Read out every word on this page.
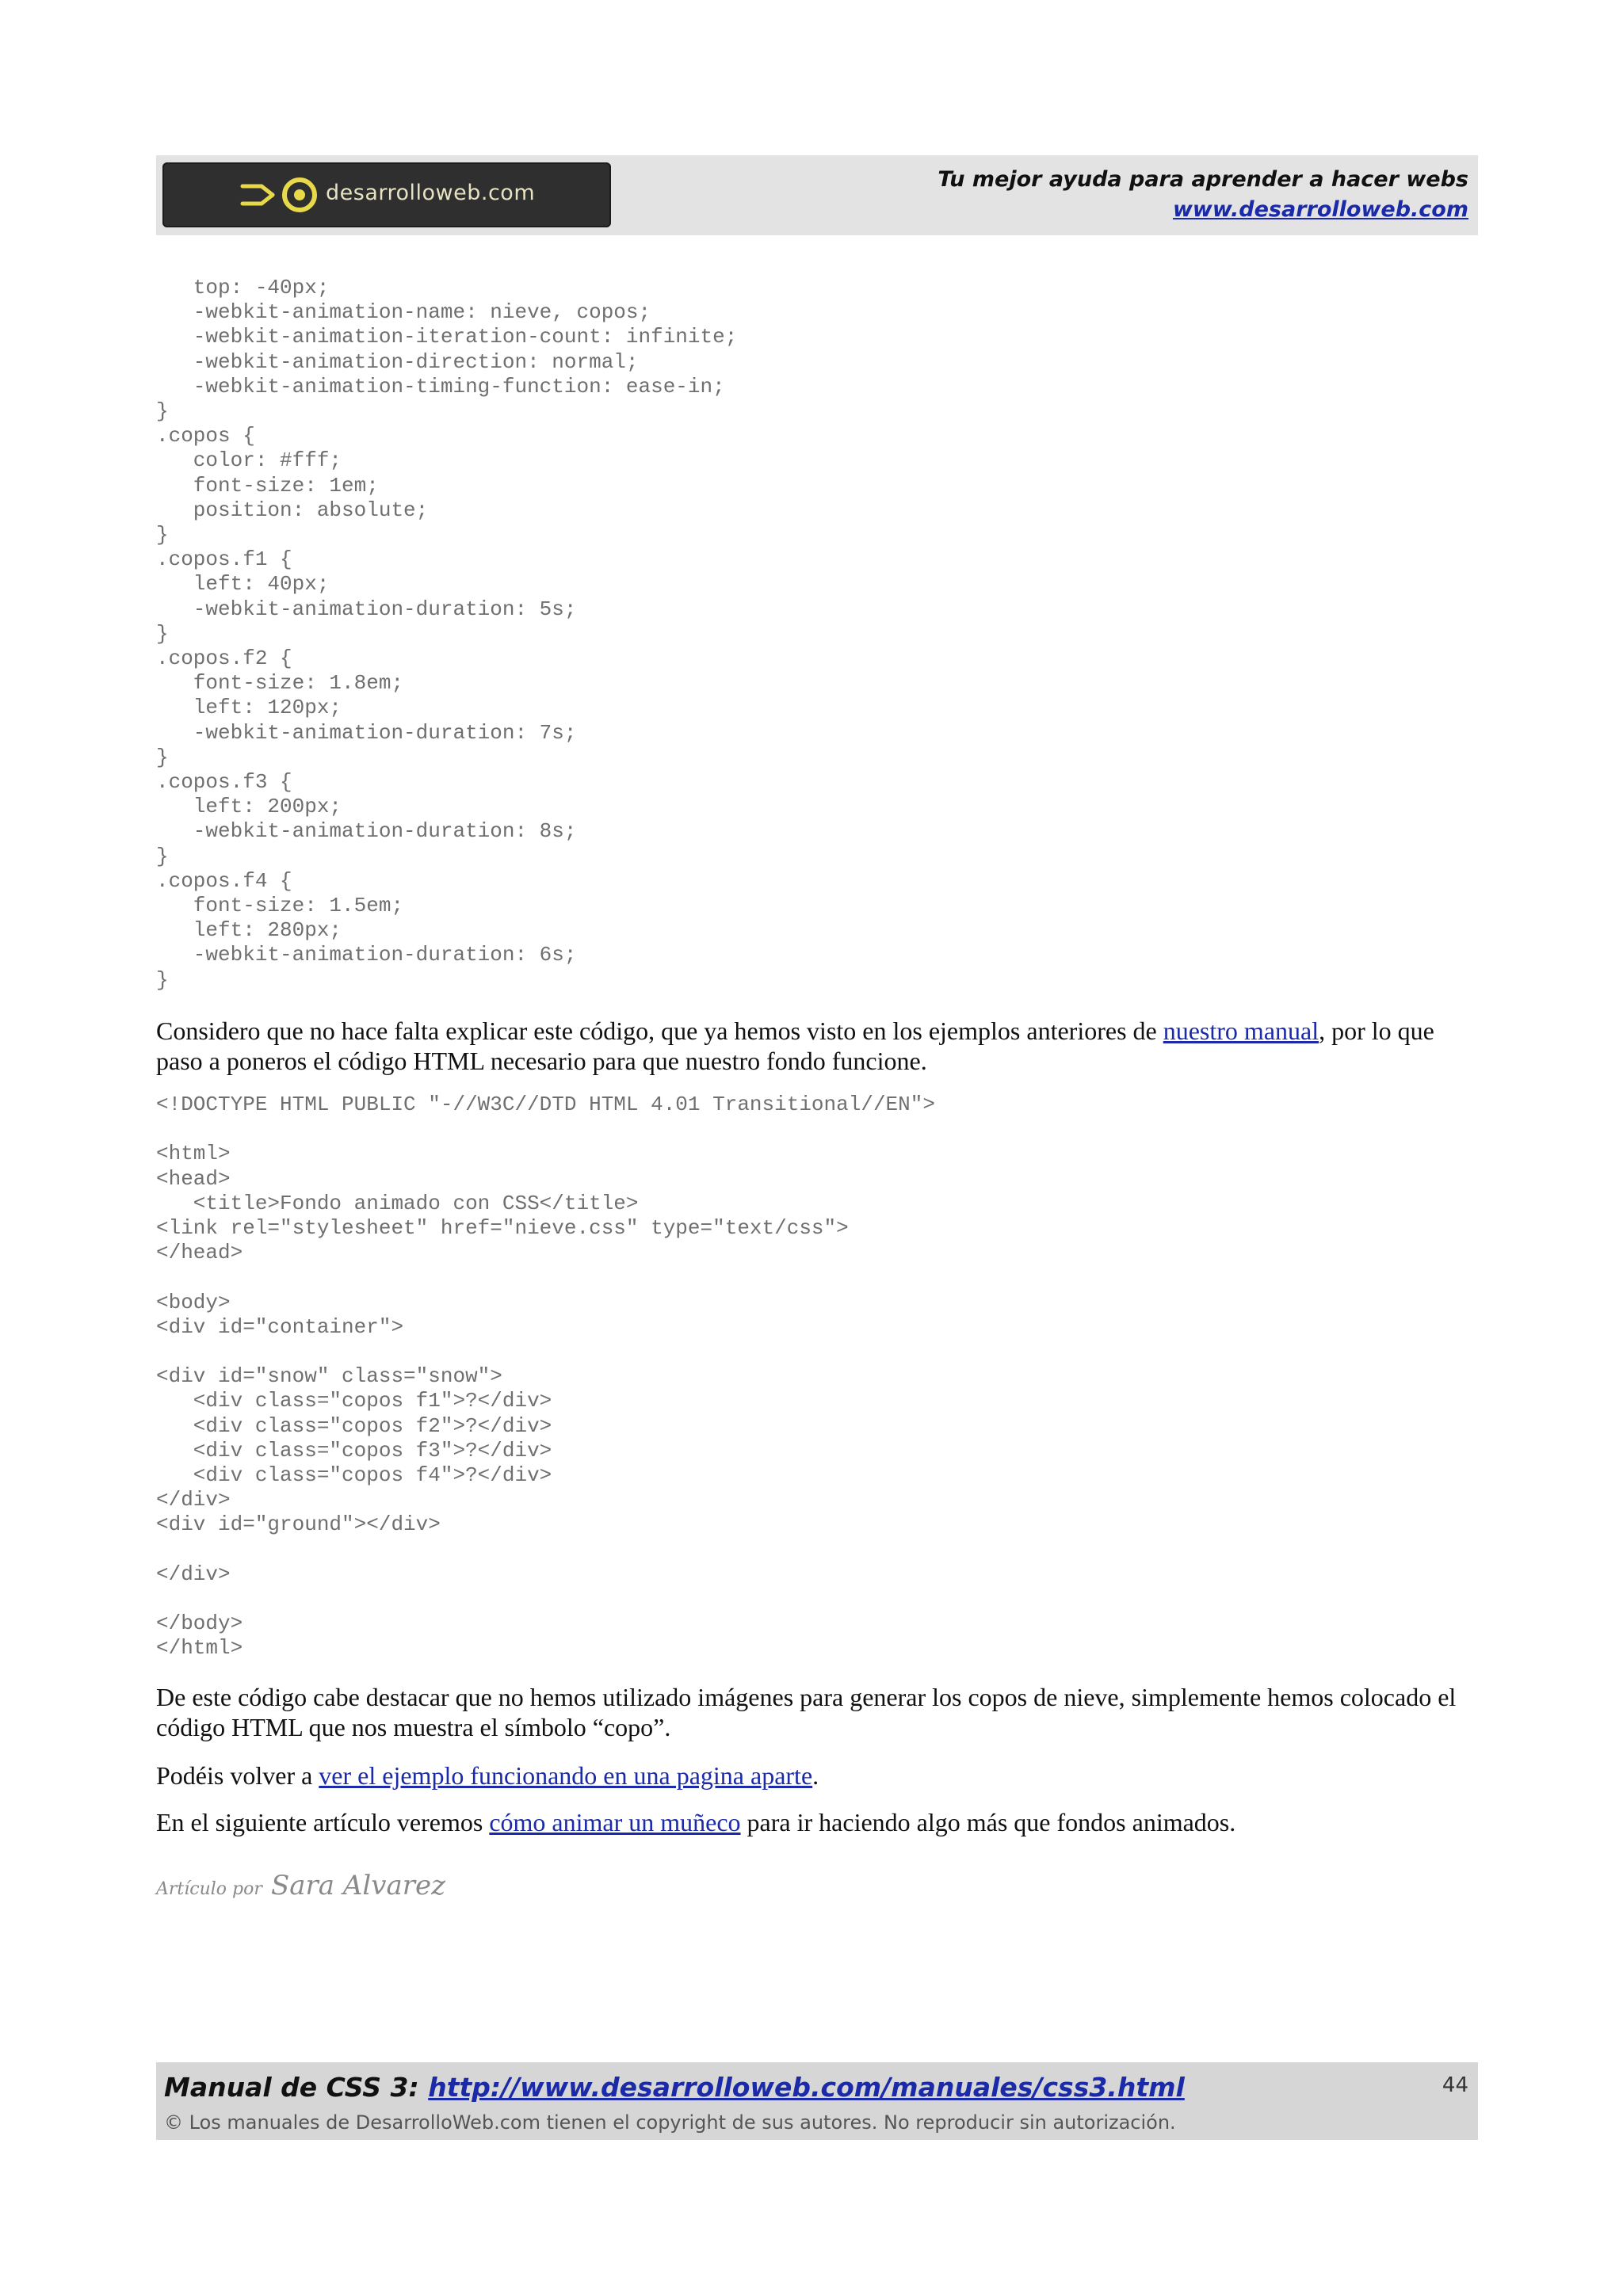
desarrolloweb.com
Tu mejor ayuda para aprender a hacer webs
www.desarrolloweb.com
top: -40px;
-webkit-animation-name: nieve, copos;
-webkit-animation-iteration-count: infinite;
-webkit-animation-direction: normal;
-webkit-animation-timing-function: ease-in;
}
.copos {
color: #fff;
font-size: 1em;
position: absolute;
}
.copos.f1 {
left: 40px;
-webkit-animation-duration: 5s;
}
.copos.f2 {
font-size: 1.8em;
left: 120px;
-webkit-animation-duration: 7s;
}
.copos.f3 {
left: 200px;
-webkit-animation-duration: 8s;
}
.copos.f4 {
font-size: 1.5em;
left: 280px;
-webkit-animation-duration: 6s;
}

Considero que no hace falta explicar este código, que ya hemos visto en los ejemplos anteriores de nuestro manual, por lo que paso a poneros el código HTML necesario para que nuestro fondo funcione.

<!DOCTYPE HTML PUBLIC "-//W3C//DTD HTML 4.01 Transitional//EN">

<html>
<head>
<title>Fondo animado con CSS</title>
<link rel="stylesheet" href="nieve.css" type="text/css">
</head>

<body>
<div id="container">

<div id="snow" class="snow">
<div class="copos f1">?</div>
<div class="copos f2">?</div>
<div class="copos f3">?</div>
<div class="copos f4">?</div>
</div>
<div id="ground"></div>

</div>

</body>
</html>

De este código cabe destacar que no hemos utilizado imágenes para generar los copos de nieve, simplemente hemos colocado el código HTML que nos muestra el símbolo “copo”.

Podéis volver a ver el ejemplo funcionando en una pagina aparte.

En el siguiente artículo veremos cómo animar un muñeco para ir haciendo algo más que fondos animados.

Artículo por Sara Alvarez
Manual de CSS 3: http://www.desarrolloweb.com/manuales/css3.html
© Los manuales de DesarrolloWeb.com tienen el copyright de sus autores. No reproducir sin autorización.
44
